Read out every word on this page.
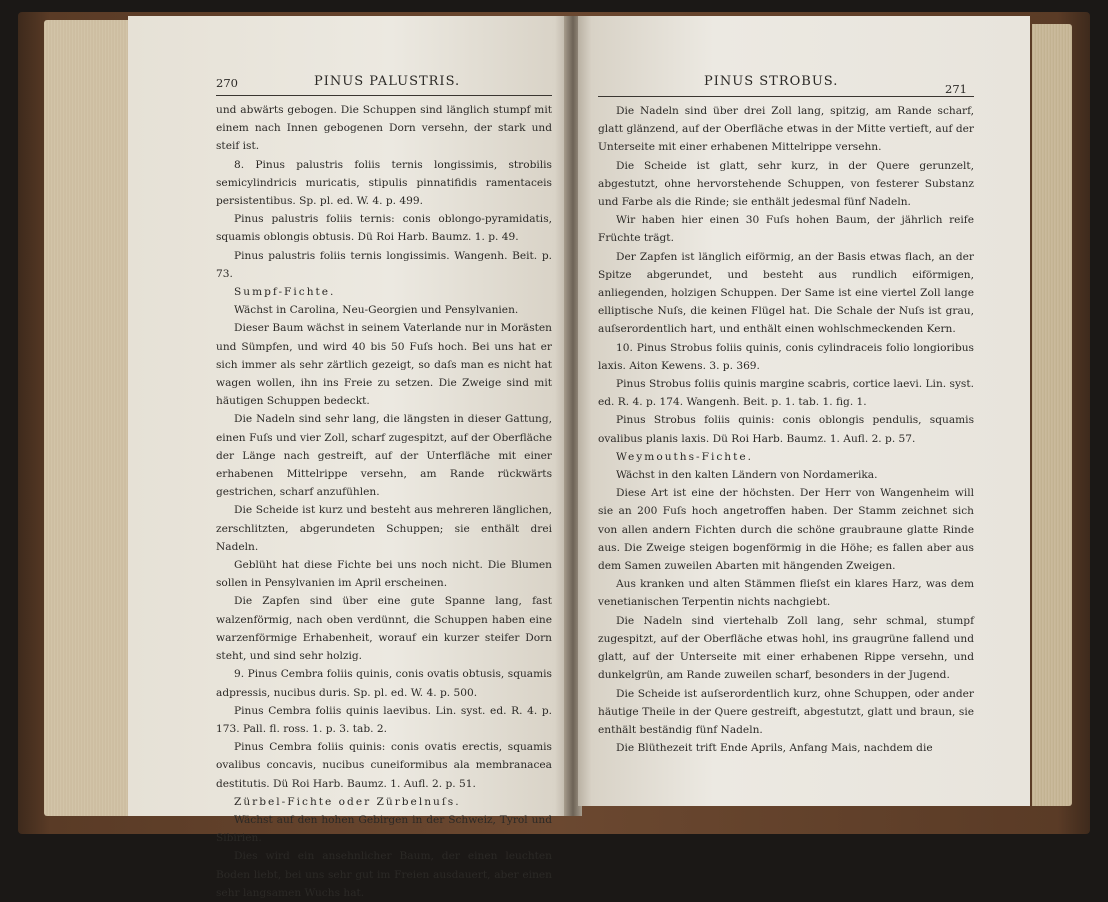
270	PINUS PALUSTRIS.

und abwärts gebogen. Die Schuppen sind länglich stumpf mit einem nach Innen gebogenen Dorn versehn, der stark und steif ist.

8. Pinus palustris foliis ternis longissimis, strobilis semicylindricis muricatis, stipulis pinnatifidis ramentaceis persistentibus. Sp. pl. ed. W. 4. p. 499.

Pinus palustris foliis ternis: conis oblongo-pyramidatis, squamis oblongis obtusis. Dü Roi Harb. Baumz. 1. p. 49.

Pinus palustris foliis ternis longissimis. Wangenh. Beit. p. 73.

Sumpf-Fichte.

Wächst in Carolina, Neu-Georgien und Pensylvanien.

Dieser Baum wächst in seinem Vaterlande nur in Morästen und Sümpfen, und wird 40 bis 50 Fuſs hoch. Bei uns hat er sich immer als sehr zärtlich gezeigt, so daſs man es nicht hat wagen wollen, ihn ins Freie zu setzen. Die Zweige sind mit häutigen Schuppen bedeckt.

Die Nadeln sind sehr lang, die längsten in dieser Gattung, einen Fuſs und vier Zoll, scharf zugespitzt, auf der Oberfläche der Länge nach gestreift, auf der Unterfläche mit einer erhabenen Mittelrippe versehn, am Rande rückwärts gestrichen, scharf anzufühlen.

Die Scheide ist kurz und besteht aus mehreren länglichen, zerschlitzten, abgerundeten Schuppen; sie enthält drei Nadeln.

Geblüht hat diese Fichte bei uns noch nicht. Die Blumen sollen in Pensylvanien im April erscheinen.

Die Zapfen sind über eine gute Spanne lang, fast walzenförmig, nach oben verdünnt, die Schuppen haben eine warzenförmige Erhabenheit, worauf ein kurzer steifer Dorn steht, und sind sehr holzig.

9. Pinus Cembra foliis quinis, conis ovatis obtusis, squamis adpressis, nucibus duris. Sp. pl. ed. W. 4. p. 500.

Pinus Cembra foliis quinis laevibus. Lin. syst. ed. R. 4. p. 173. Pall. fl. ross. 1. p. 3. tab. 2.

Pinus Cembra foliis quinis: conis ovatis erectis, squamis ovalibus concavis, nucibus cuneiformibus ala membranacea destitutis. Dü Roi Harb. Baumz. 1. Aufl. 2. p. 51.

Zürbel-Fichte oder Zürbelnuſs.

Wächst auf den hohen Gebirgen in der Schweiz, Tyrol und Sibirien.

Dies wird ein ansehnlicher Baum, der einen leuchten Boden liebt, bei uns sehr gut im Freien ausdauert, aber einen sehr langsamen Wuchs hat.

PINUS STROBUS.	271

Die Nadeln sind über drei Zoll lang, spitzig, am Rande scharf, glatt glänzend, auf der Oberfläche etwas in der Mitte vertieft, auf der Unterseite mit einer erhabenen Mittelrippe versehn.

Die Scheide ist glatt, sehr kurz, in der Quere gerunzelt, abgestutzt, ohne hervorstehende Schuppen, von festerer Substanz und Farbe als die Rinde; sie enthält jedesmal fünf Nadeln.

Wir haben hier einen 30 Fuſs hohen Baum, der jährlich reife Früchte trägt.

Der Zapfen ist länglich eiförmig, an der Basis etwas flach, an der Spitze abgerundet, und besteht aus rundlich eiförmigen, anliegenden, holzigen Schuppen. Der Same ist eine viertel Zoll lange elliptische Nuſs, die keinen Flügel hat. Die Schale der Nuſs ist grau, auſserordentlich hart, und enthält einen wohlschmeckenden Kern.

10. Pinus Strobus foliis quinis, conis cylindraceis folio longioribus laxis. Aiton Kewens. 3. p. 369.

Pinus Strobus foliis quinis margine scabris, cortice laevi. Lin. syst. ed. R. 4. p. 174. Wangenh. Beit. p. 1. tab. 1. fig. 1.

Pinus Strobus foliis quinis: conis oblongis pendulis, squamis ovalibus planis laxis. Dü Roi Harb. Baumz. 1. Aufl. 2. p. 57.

Weymouths-Fichte.

Wächst in den kalten Ländern von Nordamerika.

Diese Art ist eine der höchsten. Der Herr von Wangenheim will sie an 200 Fuſs hoch angetroffen haben. Der Stamm zeichnet sich von allen andern Fichten durch die schöne graubraune glatte Rinde aus. Die Zweige steigen bogenförmig in die Höhe; es fallen aber aus dem Samen zuweilen Abarten mit hängenden Zweigen.

Aus kranken und alten Stämmen flieſst ein klares Harz, was dem venetianischen Terpentin nichts nachgiebt.

Die Nadeln sind viertehalb Zoll lang, sehr schmal, stumpf zugespitzt, auf der Oberfläche etwas hohl, ins graugrüne fallend und glatt, auf der Unterseite mit einer erhabenen Rippe versehn, und dunkelgrün, am Rande zuweilen scharf, besonders in der Jugend.

Die Scheide ist auſserordentlich kurz, ohne Schuppen, oder ander häutige Theile in der Quere gestreift, abgestutzt, glatt und braun, sie enthält beständig fünf Nadeln.

Die Blüthezeit trift Ende Aprils, Anfang Mais, nachdem die
